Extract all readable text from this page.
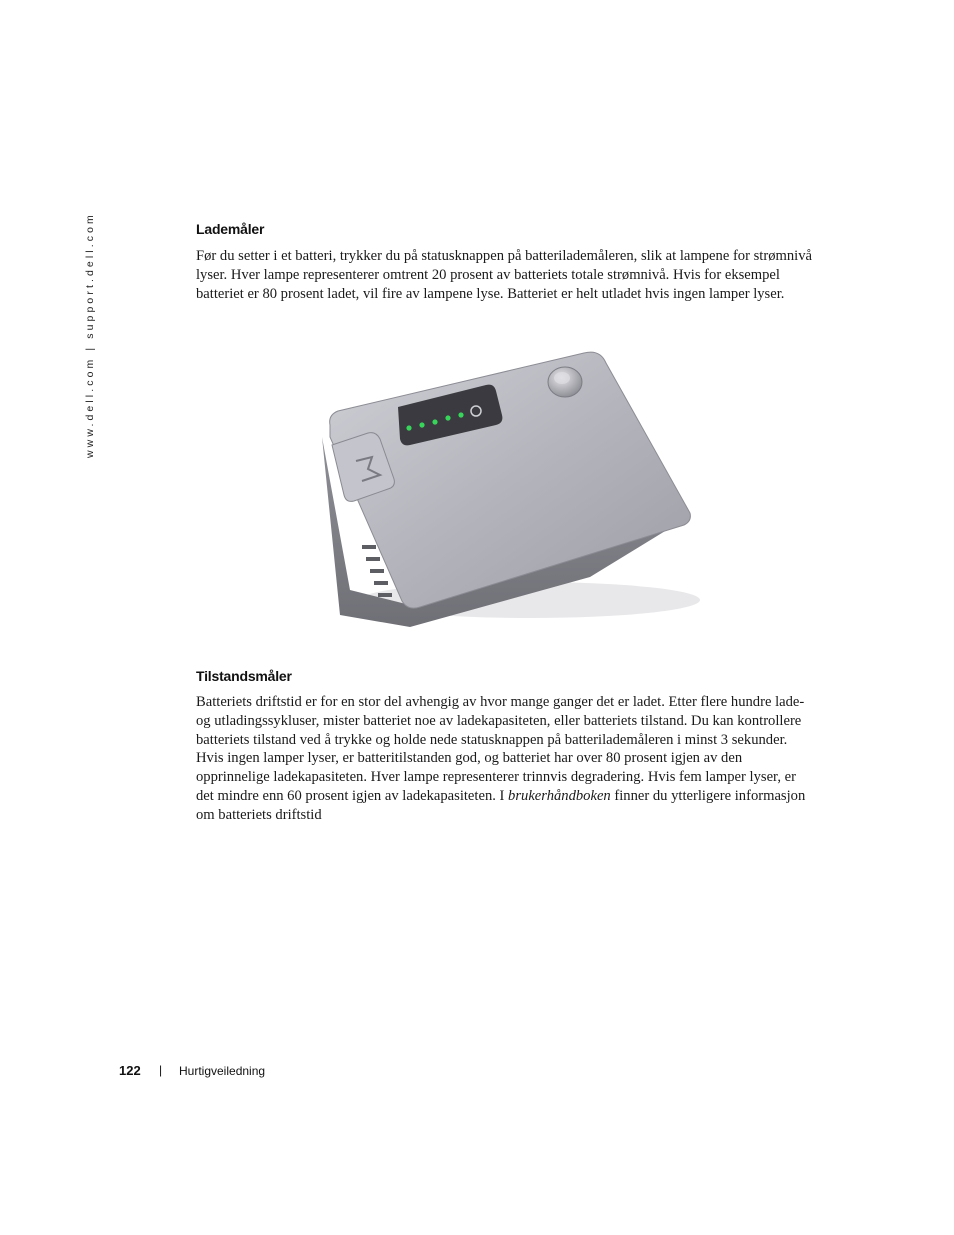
www.dell.com | support.dell.com	Lademåler

Før du setter i et batteri, trykker du på statusknappen på batterilademåleren, slik at lampene for strømnivå lyser. Hver lampe representerer omtrent 20 prosent av batteriets totale strømnivå. Hvis for eksempel batteriet er 80 prosent ladet, vil fire av lampene lyse. Batteriet er helt utladet hvis ingen lamper lyser.

Tilstandsmåler

Batteriets driftstid er for en stor del avhengig av hvor mange ganger det er ladet. Etter flere hundre lade- og utladingssykluser, mister batteriet noe av ladekapasiteten, eller batteriets tilstand. Du kan kontrollere batteriets tilstand ved å trykke og holde nede statusknappen på batterilademåleren i minst 3 sekunder. Hvis ingen lamper lyser, er batteritilstanden god, og batteriet har over 80 prosent igjen av den opprinnelige ladekapasiteten. Hver lampe representerer trinnvis degradering. Hvis fem lamper lyser, er det mindre enn 60 prosent igjen av ladekapasiteten. I brukerhåndboken finner du ytterligere informasjon om batteriets driftstid

122 | Hurtigveiledning
